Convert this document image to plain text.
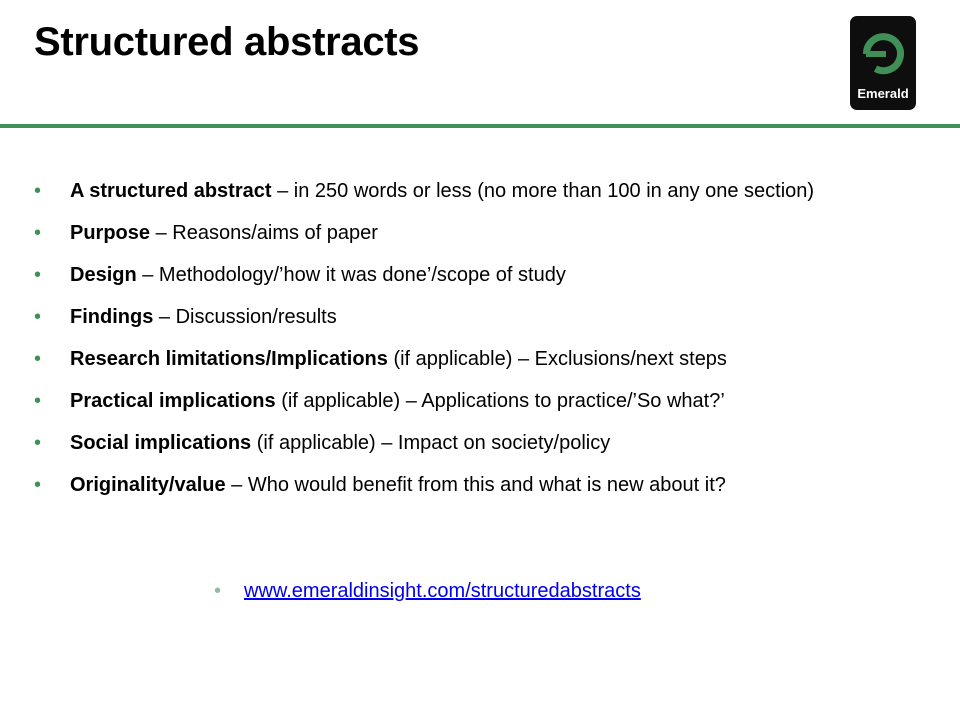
Structured abstracts
Emerald
• A structured abstract – in 250 words or less (no more than 100 in any one section)
• Purpose – Reasons/aims of paper
• Design – Methodology/’how it was done’/scope of study
• Findings – Discussion/results
• Research limitations/Implications (if applicable) – Exclusions/next steps
• Practical implications (if applicable) – Applications to practice/’So what?’
• Social implications (if applicable) – Impact on society/policy
• Originality/value – Who would benefit from this and what is new about it?
• www.emeraldinsight.com/structuredabstracts
